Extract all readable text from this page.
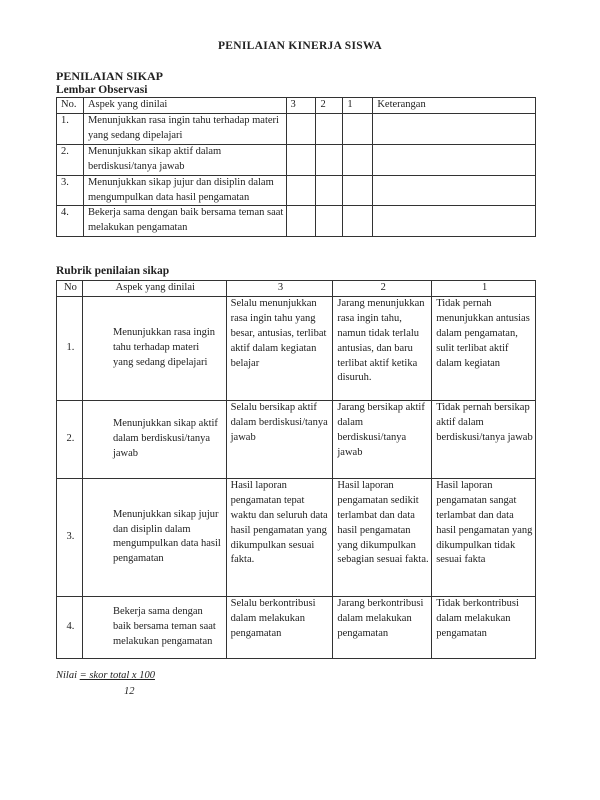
PENILAIAN KINERJA SISWA
PENILAIAN SIKAP
Lembar Observasi
No.	Aspek yang dinilai	3	2	1	Keterangan
1.	Menunjukkan rasa ingin tahu terhadap materi yang sedang dipelajari				
2.	Menunjukkan sikap aktif dalam berdiskusi/tanya jawab				
3.	Menunjukkan sikap jujur dan disiplin dalam mengumpulkan data hasil pengamatan				
4.	Bekerja sama dengan baik bersama teman saat melakukan pengamatan				
Rubrik penilaian sikap
No	Aspek yang dinilai	3	2	1
1.	Menunjukkan rasa ingin tahu terhadap materi yang sedang dipelajari	Selalu menunjukkan rasa ingin tahu yang besar, antusias, terlibat aktif dalam kegiatan belajar	Jarang menunjukkan rasa ingin tahu, namun tidak terlalu antusias, dan baru terlibat aktif ketika disuruh.	Tidak pernah menunjukkan antusias dalam pengamatan, sulit terlibat aktif dalam kegiatan
2.	Menunjukkan sikap aktif dalam berdiskusi/tanya jawab	Selalu bersikap aktif dalam berdiskusi/tanya jawab	Jarang bersikap aktif dalam berdiskusi/tanya jawab	Tidak pernah bersikap aktif dalam berdiskusi/tanya jawab
3.	Menunjukkan sikap jujur dan disiplin dalam mengumpulkan data hasil pengamatan	Hasil laporan pengamatan tepat waktu dan seluruh data hasil pengamatan yang dikumpulkan sesuai fakta.	Hasil laporan pengamatan sedikit terlambat dan data hasil pengamatan yang dikumpulkan sebagian sesuai fakta.	Hasil laporan pengamatan sangat terlambat dan data hasil pengamatan yang dikumpulkan tidak sesuai fakta
4.	Bekerja sama dengan baik bersama teman saat melakukan pengamatan	Selalu berkontribusi dalam melakukan pengamatan	Jarang berkontribusi dalam melakukan pengamatan	Tidak berkontribusi dalam melakukan pengamatan
Nilai = skor total x 100
12
